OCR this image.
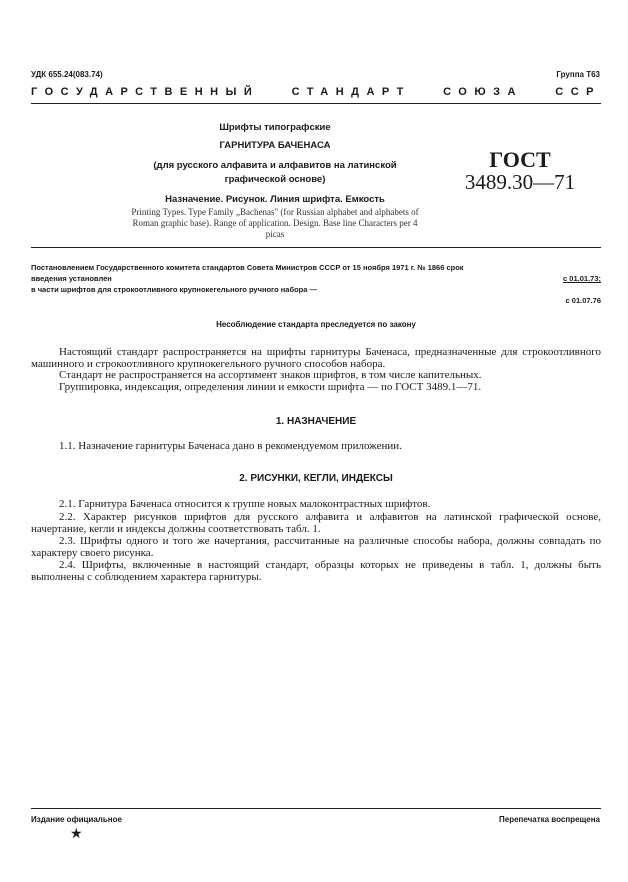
УДК 655.24(083.74)	Группа Т63
ГОСУДАРСТВЕННЫЙ	СТАНДАРТ	СОЮЗА	ССР
Шрифты типографские
ГАРНИТУРА БАЧЕНАСА
(для русского алфавита и алфавитов на латинской графической основе)
Назначение. Рисунок. Линия шрифта. Емкость
Printing Types. Type Family „Bachenas" (for Russian alphabet and alphabets of Roman graphic base). Range of application. Design. Base line Characters per 4 picas
ГОСТ
3489.30—71
Постановлением Государственного комитета стандартов Совета Министров СССР от 15 ноября 1971 г. № 1866 срок
введения установлен	с 01.01.73;
в части шрифтов для строкоотливного крупнокегельного ручного набора —
с 01.07.76
Несоблюдение стандарта преследуется по закону
Настоящий стандарт распространяется на шрифты гарнитуры Баченаса, предназначенные для строкоотливного машинного и строкоотливного крупнокегельного ручного способов набора.
Стандарт не распространяется на ассортимент знаков шрифтов, в том числе капительных.
Группировка, индексация, определения линии и емкости шрифта — по ГОСТ 3489.1—71.
1. НАЗНАЧЕНИЕ
1.1. Назначение гарнитуры Баченаса дано в рекомендуемом приложении.
2. РИСУНКИ, КЕГЛИ, ИНДЕКСЫ
2.1. Гарнитура Баченаса относится к группе новых малоконтрастных шрифтов.
2.2. Характер рисунков шрифтов для русского алфавита и алфавитов на латинской графической основе, начертание, кегли и индексы должны соответствовать табл. 1.
2.3. Шрифты одного и того же начертания, рассчитанные на различные способы набора, должны совпадать по характеру своего рисунка.
2.4. Шрифты, включенные в настоящий стандарт, образцы которых не приведены в табл. 1, должны быть выполнены с соблюдением характера гарнитуры.
Издание официальное	Перепечатка воспрещена
★
